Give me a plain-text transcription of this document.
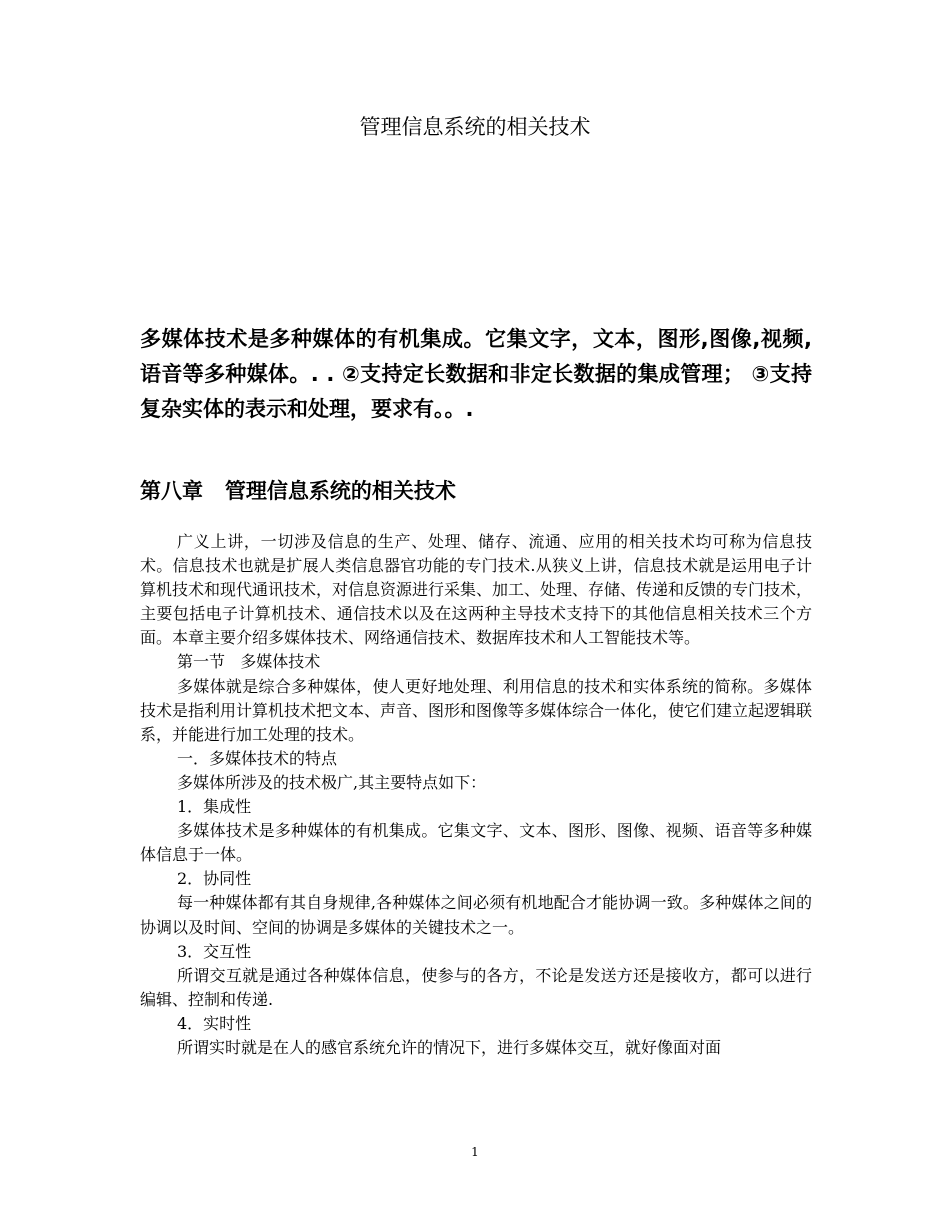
管理信息系统的相关技术
多媒体技术是多种媒体的有机集成。它集文字，文本，图形,图像,视频,语音等多种媒体。. . ②支持定长数据和非定长数据的集成管理； ③支持复杂实体的表示和处理，要求有。。.
第八章   管理信息系统的相关技术

广义上讲，一切涉及信息的生产、处理、储存、流通、应用的相关技术均可称为信息技术。信息技术也就是扩展人类信息器官功能的专门技术.从狭义上讲，信息技术就是运用电子计算机技术和现代通讯技术，对信息资源进行采集、加工、处理、存储、传递和反馈的专门技术，主要包括电子计算机技术、通信技术以及在这两种主导技术支持下的其他信息相关技术三个方面。本章主要介绍多媒体技术、网络通信技术、数据库技术和人工智能技术等。

第一节   多媒体技术

多媒体就是综合多种媒体，使人更好地处理、利用信息的技术和实体系统的简称。多媒体技术是指利用计算机技术把文本、声音、图形和图像等多媒体综合一体化，使它们建立起逻辑联系，并能进行加工处理的技术。

一．多媒体技术的特点

多媒体所涉及的技术极广,其主要特点如下：

1．集成性

多媒体技术是多种媒体的有机集成。它集文字、文本、图形、图像、视频、语音等多种媒体信息于一体。

2．协同性

每一种媒体都有其自身规律,各种媒体之间必须有机地配合才能协调一致。多种媒体之间的协调以及时间、空间的协调是多媒体的关键技术之一。

3．交互性

所谓交互就是通过各种媒体信息，使参与的各方，不论是发送方还是接收方，都可以进行编辑、控制和传递.

4．实时性

所谓实时就是在人的感官系统允许的情况下，进行多媒体交互，就好像面对面

1
